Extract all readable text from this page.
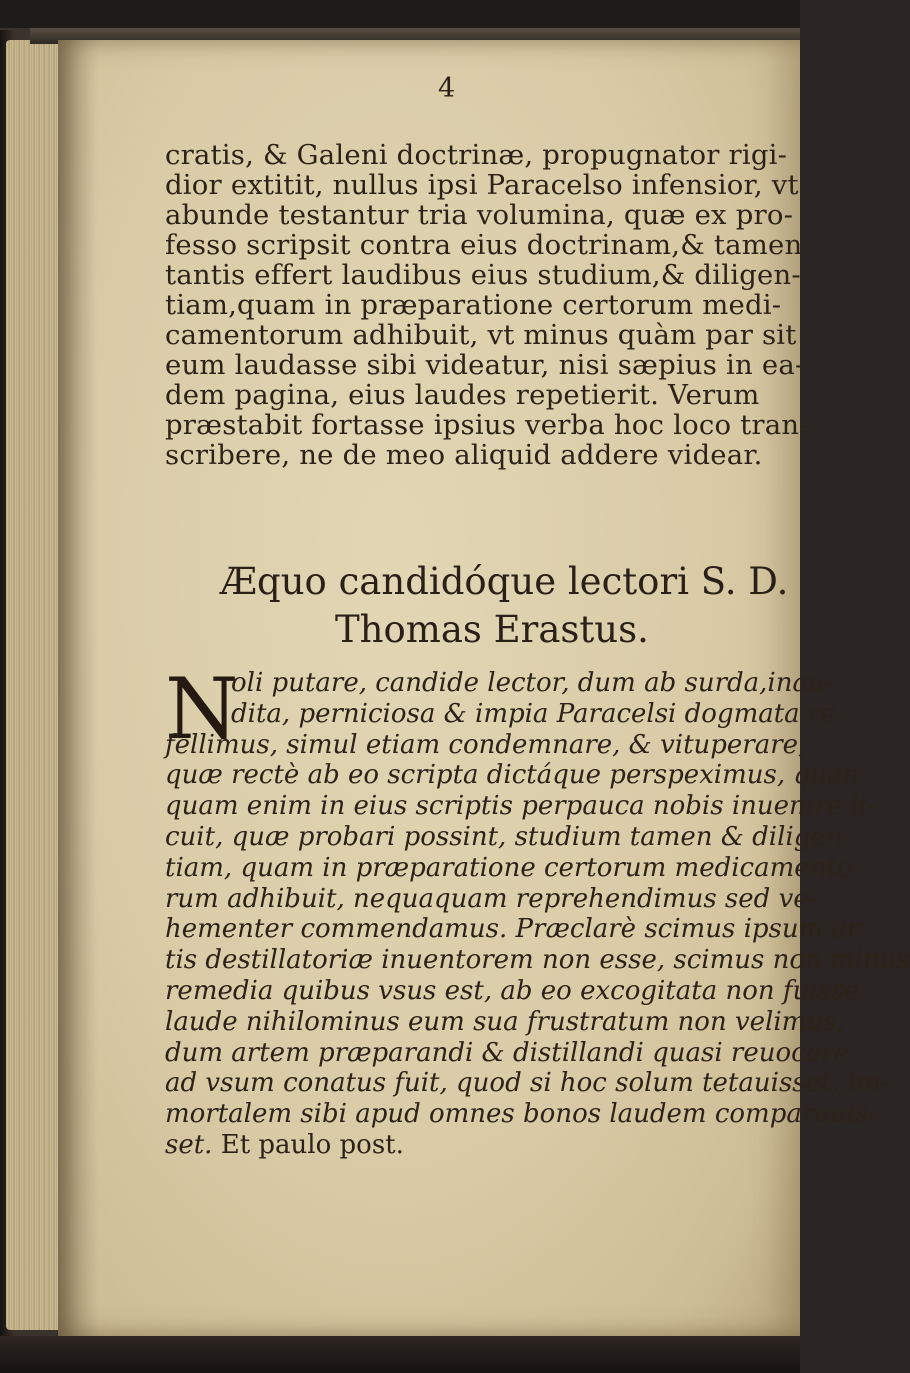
4
cratis, & Galeni doctrinæ, propugnator rigi-
dior extitit, nullus ipsi Paracelso infensior, vt
abunde testantur tria volumina, quæ ex pro-
fesso scripsit contra eius doctrinam,& tamen
tantis effert laudibus eius studium,& diligen-
tiam,quam in præparatione certorum medi-
camentorum adhibuit, vt minus quàm par sit
eum laudasse sibi videatur, nisi sæpius in ea-
dem pagina, eius laudes repetierit. Verum
præstabit fortasse ipsius verba hoc loco tran-
scribere, ne de meo aliquid addere videar.
Æquo candidóque lectori S. D.
Thomas Erastus.
N
oli putare, candide lector, dum ab surda,inau-
dita, perniciosa & impia Paracelsi dogmata re-
fellimus, simul etiam condemnare, & vituperare,
quæ rectè ab eo scripta dictáque perspeximus, quan-
quam enim in eius scriptis perpauca nobis inuenire li-
cuit, quæ probari possint, studium tamen & diligen-
tiam, quam in præparatione certorum medicamento-
rum adhibuit, nequaquam reprehendimus sed ve-
hementer commendamus. Præclarè scimus ipsum ar-
tis destillatoriæ inuentorem non esse, scimus non minus
remedia quibus vsus est, ab eo excogitata non fuisse,
laude nihilominus eum sua frustratum non velimus,
dum artem præparandi & distillandi quasi reuocare
ad vsum conatus fuit, quod si hoc solum tetauisset, im-
mortalem sibi apud omnes bonos laudem comparauis-
set. Et paulo post.
